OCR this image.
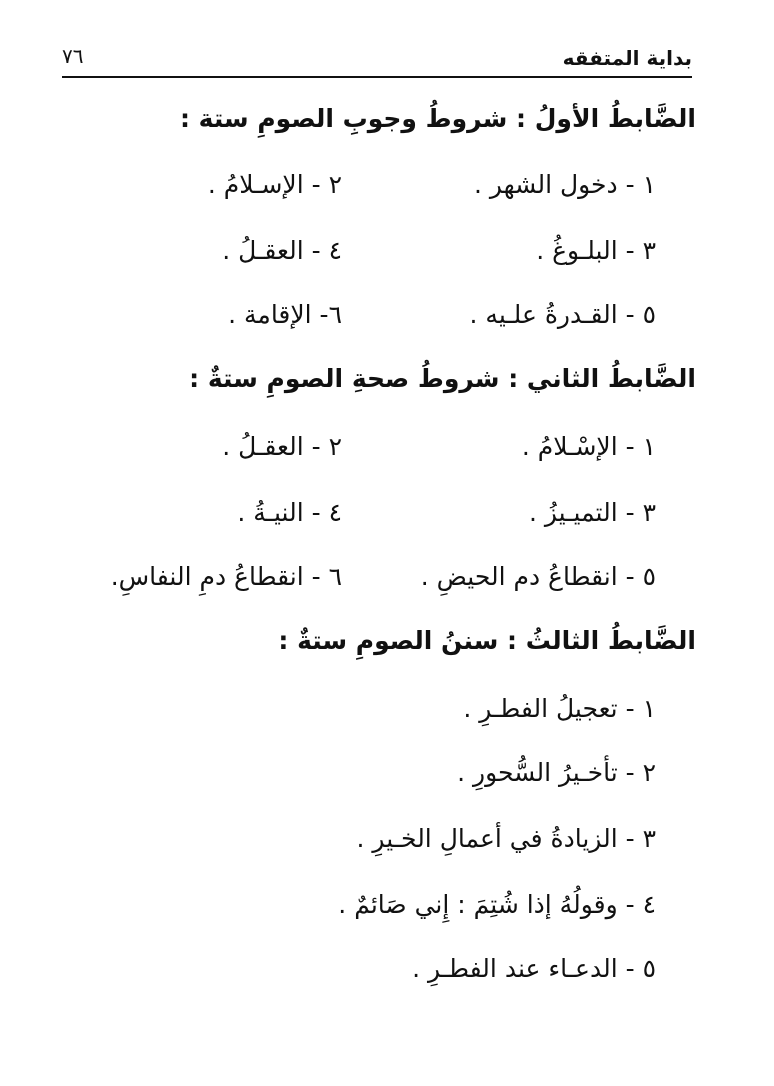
بداية المتفقه
٧٦
الضَّابطُ الأولُ : شروطُ وجوبِ الصومِ ستة :
١ - دخول الشهر .
٢ - الإسـلامُ .
٣ - البلـوغُ .
٤ - العقـلُ .
٥ - القـدرةُ علـيه .
٦- الإقامة .
الضَّابطُ الثاني : شروطُ صحةِ الصومِ ستةٌ :
١ - الإسْـلامُ .
٢ - العقـلُ .
٣ - التميـيزُ .
٤ - النيـةُ .
٥ - انقطاعُ دم الحيضِ .
٦ - انقطاعُ دمِ النفاسِ.
الضَّابطُ الثالثُ : سننُ الصومِ ستةٌ :
١ - تعجيلُ الفطـرِ .
٢ - تأخـيرُ السُّحورِ .
٣ - الزيادةُ في أعمالِ الخـيرِ .
٤ - وقولُهُ إذا شُتِمَ : إِني صَائمٌ .
٥ - الدعـاء عند الفطـرِ .
